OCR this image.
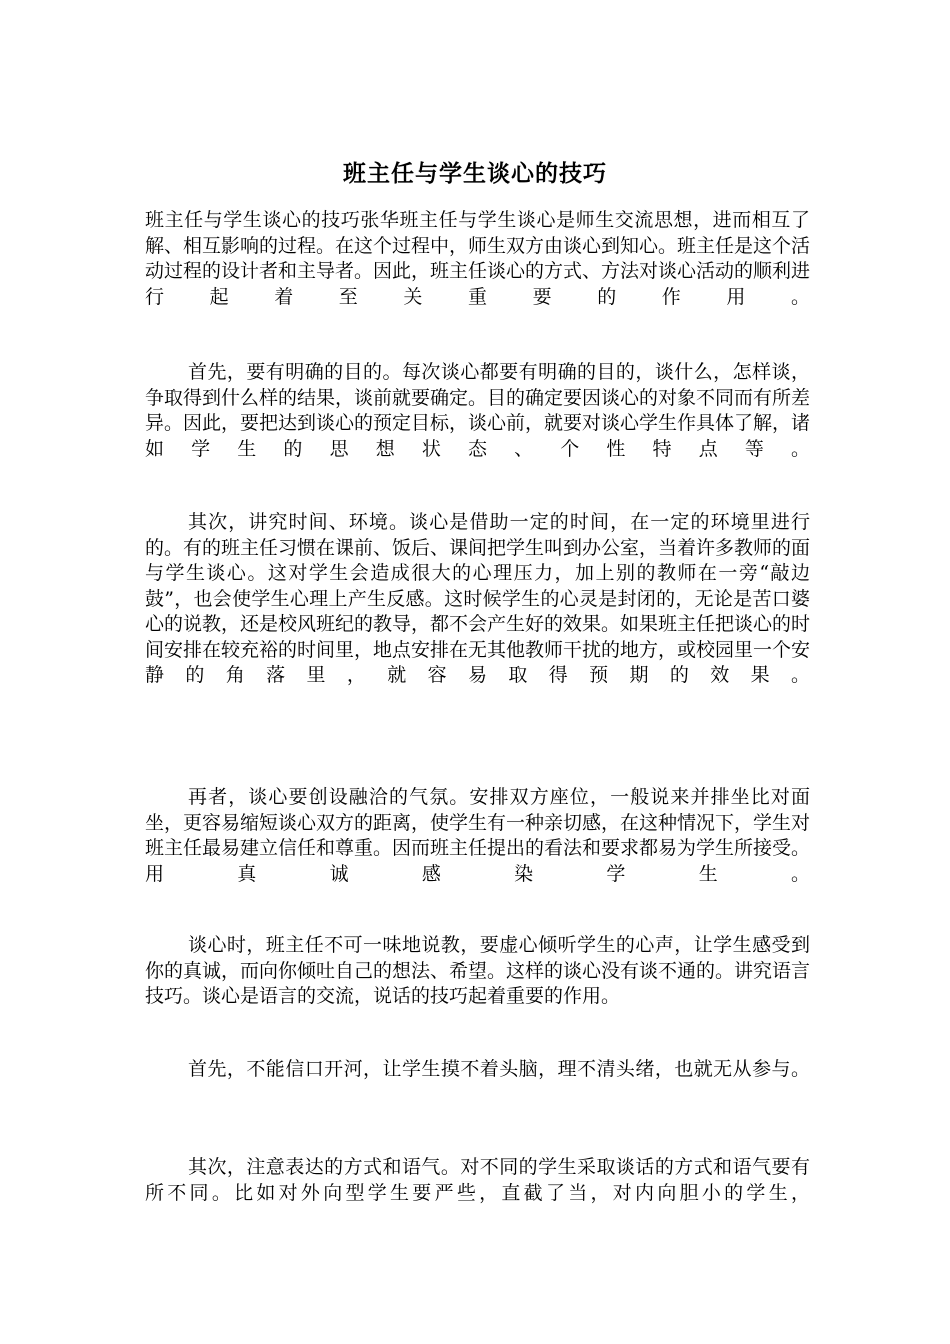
班主任与学生谈心的技巧
班主任与学生谈心的技巧张华班主任与学生谈心是师生交流思想，进而相互了解、相互影响的过程。在这个过程中，师生双方由谈心到知心。班主任是这个活动过程的设计者和主导者。因此，班主任谈心的方式、方法对谈心活动的顺利进行起着至关重要的作用。
首先，要有明确的目的。每次谈心都要有明确的目的，谈什么，怎样谈，争取得到什么样的结果，谈前就要确定。目的确定要因谈心的对象不同而有所差异。因此，要把达到谈心的预定目标，谈心前，就要对谈心学生作具体了解，诸如学生的思想状态、个性特点等。
其次，讲究时间、环境。谈心是借助一定的时间，在一定的环境里进行的。有的班主任习惯在课前、饭后、课间把学生叫到办公室，当着许多教师的面与学生谈心。这对学生会造成很大的心理压力，加上别的教师在一旁“敲边鼓”，也会使学生心理上产生反感。这时候学生的心灵是封闭的，无论是苦口婆心的说教，还是校风班纪的教导，都不会产生好的效果。如果班主任把谈心的时间安排在较充裕的时间里，地点安排在无其他教师干扰的地方，或校园里一个安静的角落里，就容易取得预期的效果。
再者，谈心要创设融洽的气氛。安排双方座位，一般说来并排坐比对面坐，更容易缩短谈心双方的距离，使学生有一种亲切感，在这种情况下，学生对班主任最易建立信任和尊重。因而班主任提出的看法和要求都易为学生所接受。用真诚感染学生。
谈心时，班主任不可一味地说教，要虚心倾听学生的心声，让学生感受到你的真诚，而向你倾吐自己的想法、希望。这样的谈心没有谈不通的。讲究语言技巧。谈心是语言的交流，说话的技巧起着重要的作用。
首先，不能信口开河，让学生摸不着头脑，理不清头绪，也就无从参与。
其次，注意表达的方式和语气。对不同的学生采取谈话的方式和语气要有所不同。比如对外向型学生要严些，直截了当，对内向胆小的学生，
